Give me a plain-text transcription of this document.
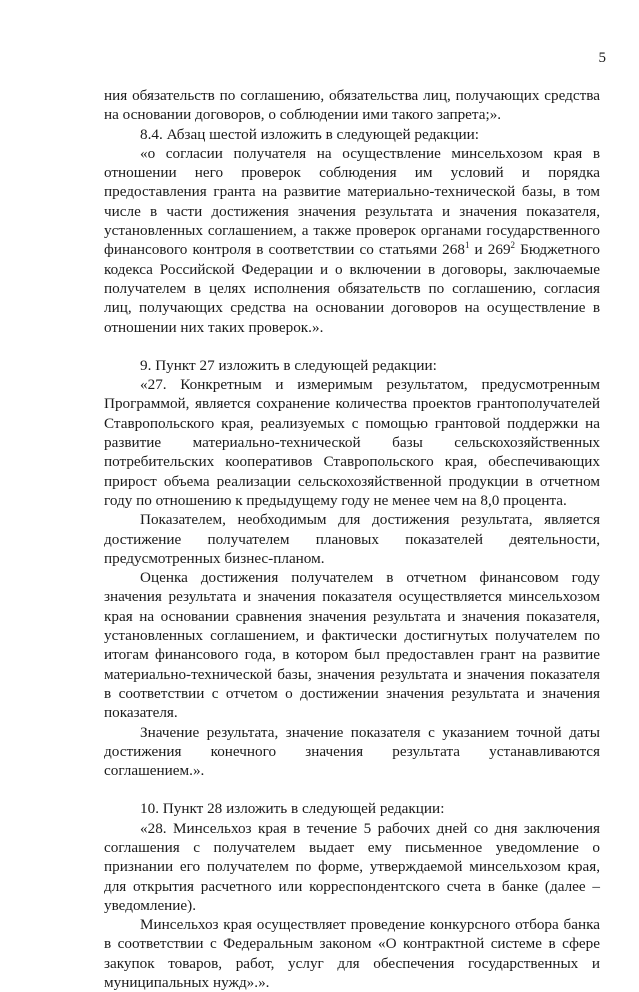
5

ния обязательств по соглашению, обязательства лиц, получающих средства на основании договоров, о соблюдении ими такого запрета;».

8.4. Абзац шестой изложить в следующей редакции:

«о согласии получателя на осуществление минсельхозом края в отношении него проверок соблюдения им условий и порядка предоставления гранта на развитие материально-технической базы, в том числе в части достижения значения результата и значения показателя, установленных соглашением, а также проверок органами государственного финансового контроля в соответствии со статьями $268^1$ и $269^2$ Бюджетного кодекса Российской Федерации и о включении в договоры, заключаемые получателем в целях исполнения обязательств по соглашению, согласия лиц, получающих средства на основании договоров на осуществление в отношении них таких проверок.».

9. Пункт 27 изложить в следующей редакции:

«27. Конкретным и измеримым результатом, предусмотренным Программой, является сохранение количества проектов грантополучателей Ставропольского края, реализуемых с помощью грантовой поддержки на развитие материально-технической базы сельскохозяйственных потребительских кооперативов Ставропольского края, обеспечивающих прирост объема реализации сельскохозяйственной продукции в отчетном году по отношению к предыдущему году не менее чем на 8,0 процента.

Показателем, необходимым для достижения результата, является достижение получателем плановых показателей деятельности, предусмотренных бизнес-планом.

Оценка достижения получателем в отчетном финансовом году значения результата и значения показателя осуществляется минсельхозом края на основании сравнения значения результата и значения показателя, установленных соглашением, и фактически достигнутых получателем по итогам финансового года, в котором был предоставлен грант на развитие материально-технической базы, значения результата и значения показателя в соответствии с отчетом о достижении значения результата и значения показателя.

Значение результата, значение показателя с указанием точной даты достижения конечного значения результата устанавливаются соглашением.».

10. Пункт 28 изложить в следующей редакции:

«28. Минсельхоз края в течение 5 рабочих дней со дня заключения соглашения с получателем выдает ему письменное уведомление о признании его получателем по форме, утверждаемой минсельхозом края, для открытия расчетного или корреспондентского счета в банке (далее – уведомление).

Минсельхоз края осуществляет проведение конкурсного отбора банка в соответствии с Федеральным законом «О контрактной системе в сфере закупок товаров, работ, услуг для обеспечения государственных и муниципальных нужд».».
